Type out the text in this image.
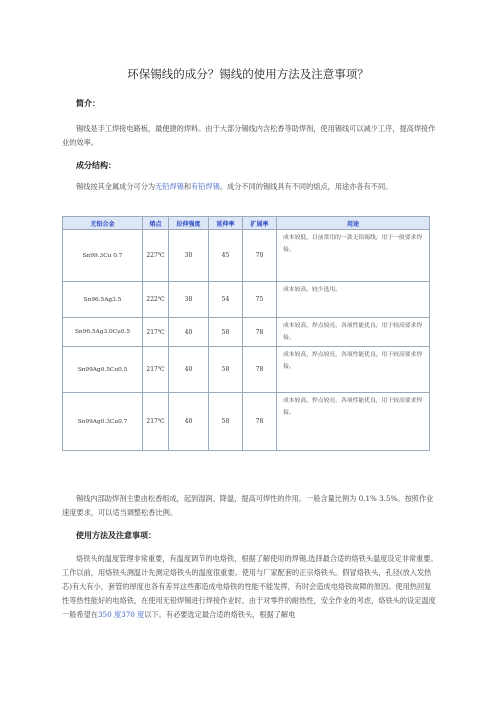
环保锡线的成分？锡线的使用方法及注意事项？
简介：
锡线是手工焊接电路板，最便捷的焊料。由于大部分锡线内含松香等助焊剂，使用锡线可以减少工序，提高焊接作业的效率。
成分结构：
锡线按其金属成分可分为无铅焊锡和有铅焊锡。成分不同的锡线具有不同的熔点，用途亦各有不同。
无铅合金	熔点	拉伸强度	延伸率	扩展率	用途
Sn99.3Cu 0.7	227℃	30	45	70	成本较低，目前常用的一款无铅锡线，用于一般要求焊接。
Sn96.5Ag3.5	222℃	38	54	75	成本较高，较少选用。
Sn96.5Ag3.0Cu0.5	217℃	40	58	78	成本较高，焊点较亮，各项性能优良，用于较高要求焊接。
Sn99Ag0.5Cu0.5	217℃	40	58	78	成本较高，焊点较亮，各项性能优良，用于较高要求焊接。
Sn99Ag0.3Cu0.7	217℃	40	58	78	成本较高，焊点较亮，各项性能优良，用于较高要求焊接。
锡线内部助焊剂主要由松香组成，起到湿润、降温，提高可焊性的作用。一般含量比例为 0.1% 3.5%。按照作业速度要求，可以适当调整松香比例。
使用方法及注意事项：
烙铁头的温度管理非常重要，有温度调节的电烙铁，根据了解使用的焊锡,选择最合适的烙铁头温度设定非常重要。工作以前，用烙铁头测温计先测定烙铁头的温度很重要。使用与厂家配套的正宗烙铁头。假冒烙铁头，孔径(放入发热芯)有大有小，套管的厚度也各有差异这些都造成电烙铁的性能不能发挥，有时会造成电烙铁故障的原因。使用热回复性等热性能好的电烙铁，在使用无铅焊锡进行焊接作业时，由于对零件的耐热性，安全作业的考虑，烙铁头的设定温度一般希望在350 度370 度以下。有必要选定最合适的烙铁头，根据了解电
